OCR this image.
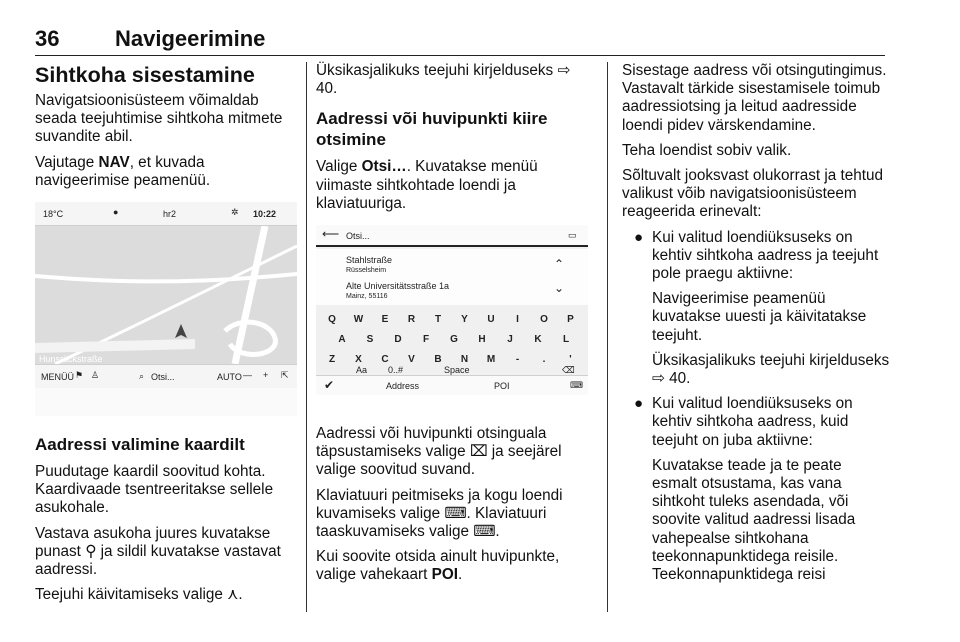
36	Navigeerimine
Sihtkoha sisestamine

Navigatsioonisüsteem võimaldab seada teejuhtimise sihtkoha mitmete suvandite abil.

Vajutage NAV, et kuvada navigeerimise peamenüü.

18°C	●	hr2	✲ 10:22
MENÜÜ ⚑ ♙	⌕ Otsi...	AUTO — + ⇱
Hunsrückstraße
Aadressi valimine kaardilt

Puudutage kaardil soovitud kohta. Kaardivaade tsentreeritakse sellele asukohale.

Vastava asukoha juures kuvatakse punast ⚲ ja sildil kuvatakse vastavat aadressi.

Teejuhi käivitamiseks valige ⋏.

Üksikasjalikuks teejuhi kirjelduseks ⇨ 40.

Aadressi või huvipunkti kiire otsimine

Valige Otsi…. Kuvatakse menüü viimaste sihtkohtade loendi ja klaviatuuriga.

⟵ Otsi...	▭
Stahlstraße
Rüsselsheim
Alte Universitätsstraße 1a
Mainz, 55116
⌃
⌄
Q	W	E	R	T	Y	U	I	O	P
A	S	D	F	G	H	J	K	L
Z	X	C	V	B	N	M	-	.	'
Aa 0..#	Space	⌫
✔	Address	POI	⌨

Aadressi või huvipunkti otsinguala täpsustamiseks valige ⌧ ja seejärel valige soovitud suvand.

Klaviatuuri peitmiseks ja kogu loendi kuvamiseks valige ⌨. Klaviatuuri taaskuvamiseks valige ⌨.

Kui soovite otsida ainult huvipunkte, valige vahekaart POI.

Sisestage aadress või otsingutingimus. Vastavalt tärkide sisestamisele toimub aadressiotsing ja leitud aadresside loendi pidev värskendamine.

Teha loendist sobiv valik.

Sõltuvalt jooksvast olukorrast ja tehtud valikust võib navigatsioonisüsteem reageerida erinevalt:

● Kui valitud loendiüksuseks on kehtiv sihtkoha aadress ja teejuht pole praegu aktiivne:
Navigeerimise peamenüü kuvatakse uuesti ja käivitatakse teejuht.
Üksikasjalikuks teejuhi kirjelduseks ⇨ 40.
● Kui valitud loendiüksuseks on kehtiv sihtkoha aadress, kuid teejuht on juba aktiivne:
Kuvatakse teade ja te peate esmalt otsustama, kas vana sihtkoht tuleks asendada, või soovite valitud aadressi lisada vahepealse sihtkohana teekonnapunktidega reisile. Teekonnapunktidega reisi
